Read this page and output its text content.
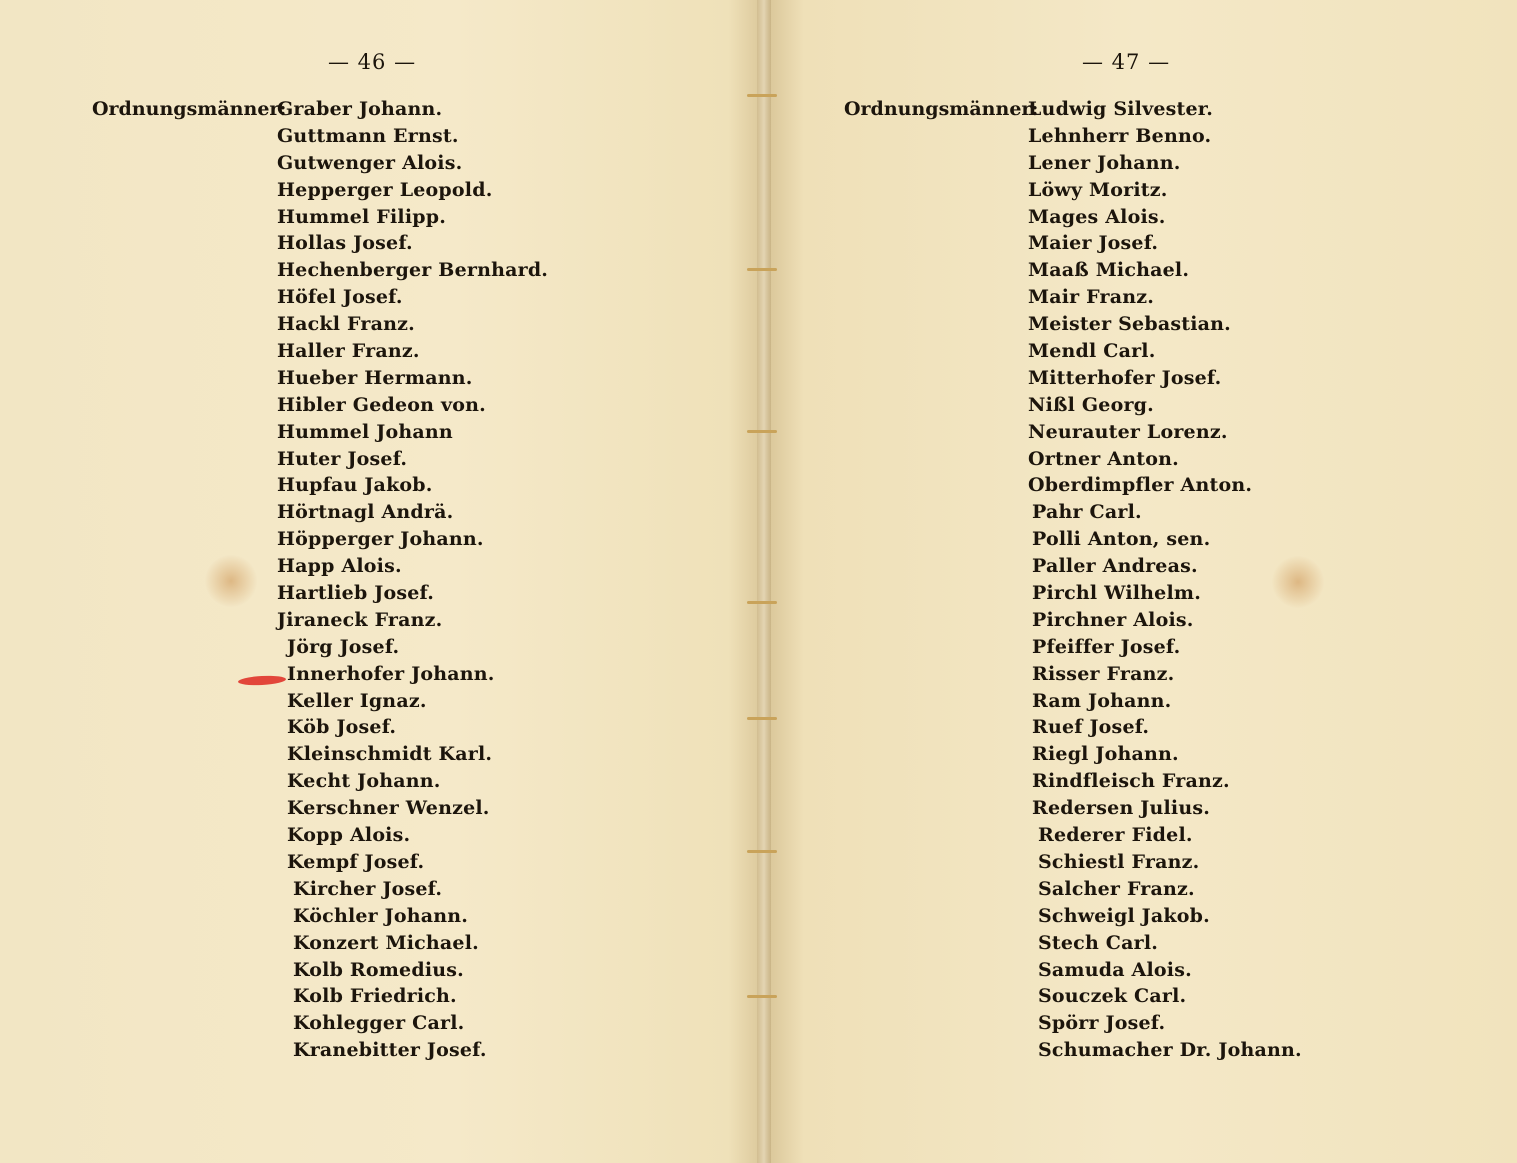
— 46 —
Ordnungsmänner:
Graber Johann.
Guttmann Ernst.
Gutwenger Alois.
Hepperger Leopold.
Hummel Filipp.
Hollas Josef.
Hechenberger Bernhard.
Höfel Josef.
Hackl Franz.
Haller Franz.
Hueber Hermann.
Hibler Gedeon von.
Hummel Johann
Huter Josef.
Hupfau Jakob.
Hörtnagl Andrä.
Höpperger Johann.
Happ Alois.
Hartlieb Josef.
Jiraneck Franz.
Jörg Josef.
Innerhofer Johann.
Keller Ignaz.
Köb Josef.
Kleinschmidt Karl.
Kecht Johann.
Kerschner Wenzel.
Kopp Alois.
Kempf Josef.
Kircher Josef.
Köchler Johann.
Konzert Michael.
Kolb Romedius.
Kolb Friedrich.
Kohlegger Carl.
Kranebitter Josef.
— 47 —
Ordnungsmänner:
Ludwig Silvester.
Lehnherr Benno.
Lener Johann.
Löwy Moritz.
Mages Alois.
Maier Josef.
Maaß Michael.
Mair Franz.
Meister Sebastian.
Mendl Carl.
Mitterhofer Josef.
Nißl Georg.
Neurauter Lorenz.
Ortner Anton.
Oberdimpfler Anton.
Pahr Carl.
Polli Anton, sen.
Paller Andreas.
Pirchl Wilhelm.
Pirchner Alois.
Pfeiffer Josef.
Risser Franz.
Ram Johann.
Ruef Josef.
Riegl Johann.
Rindfleisch Franz.
Redersen Julius.
Rederer Fidel.
Schiestl Franz.
Salcher Franz.
Schweigl Jakob.
Stech Carl.
Samuda Alois.
Souczek Carl.
Spörr Josef.
Schumacher Dr. Johann.
